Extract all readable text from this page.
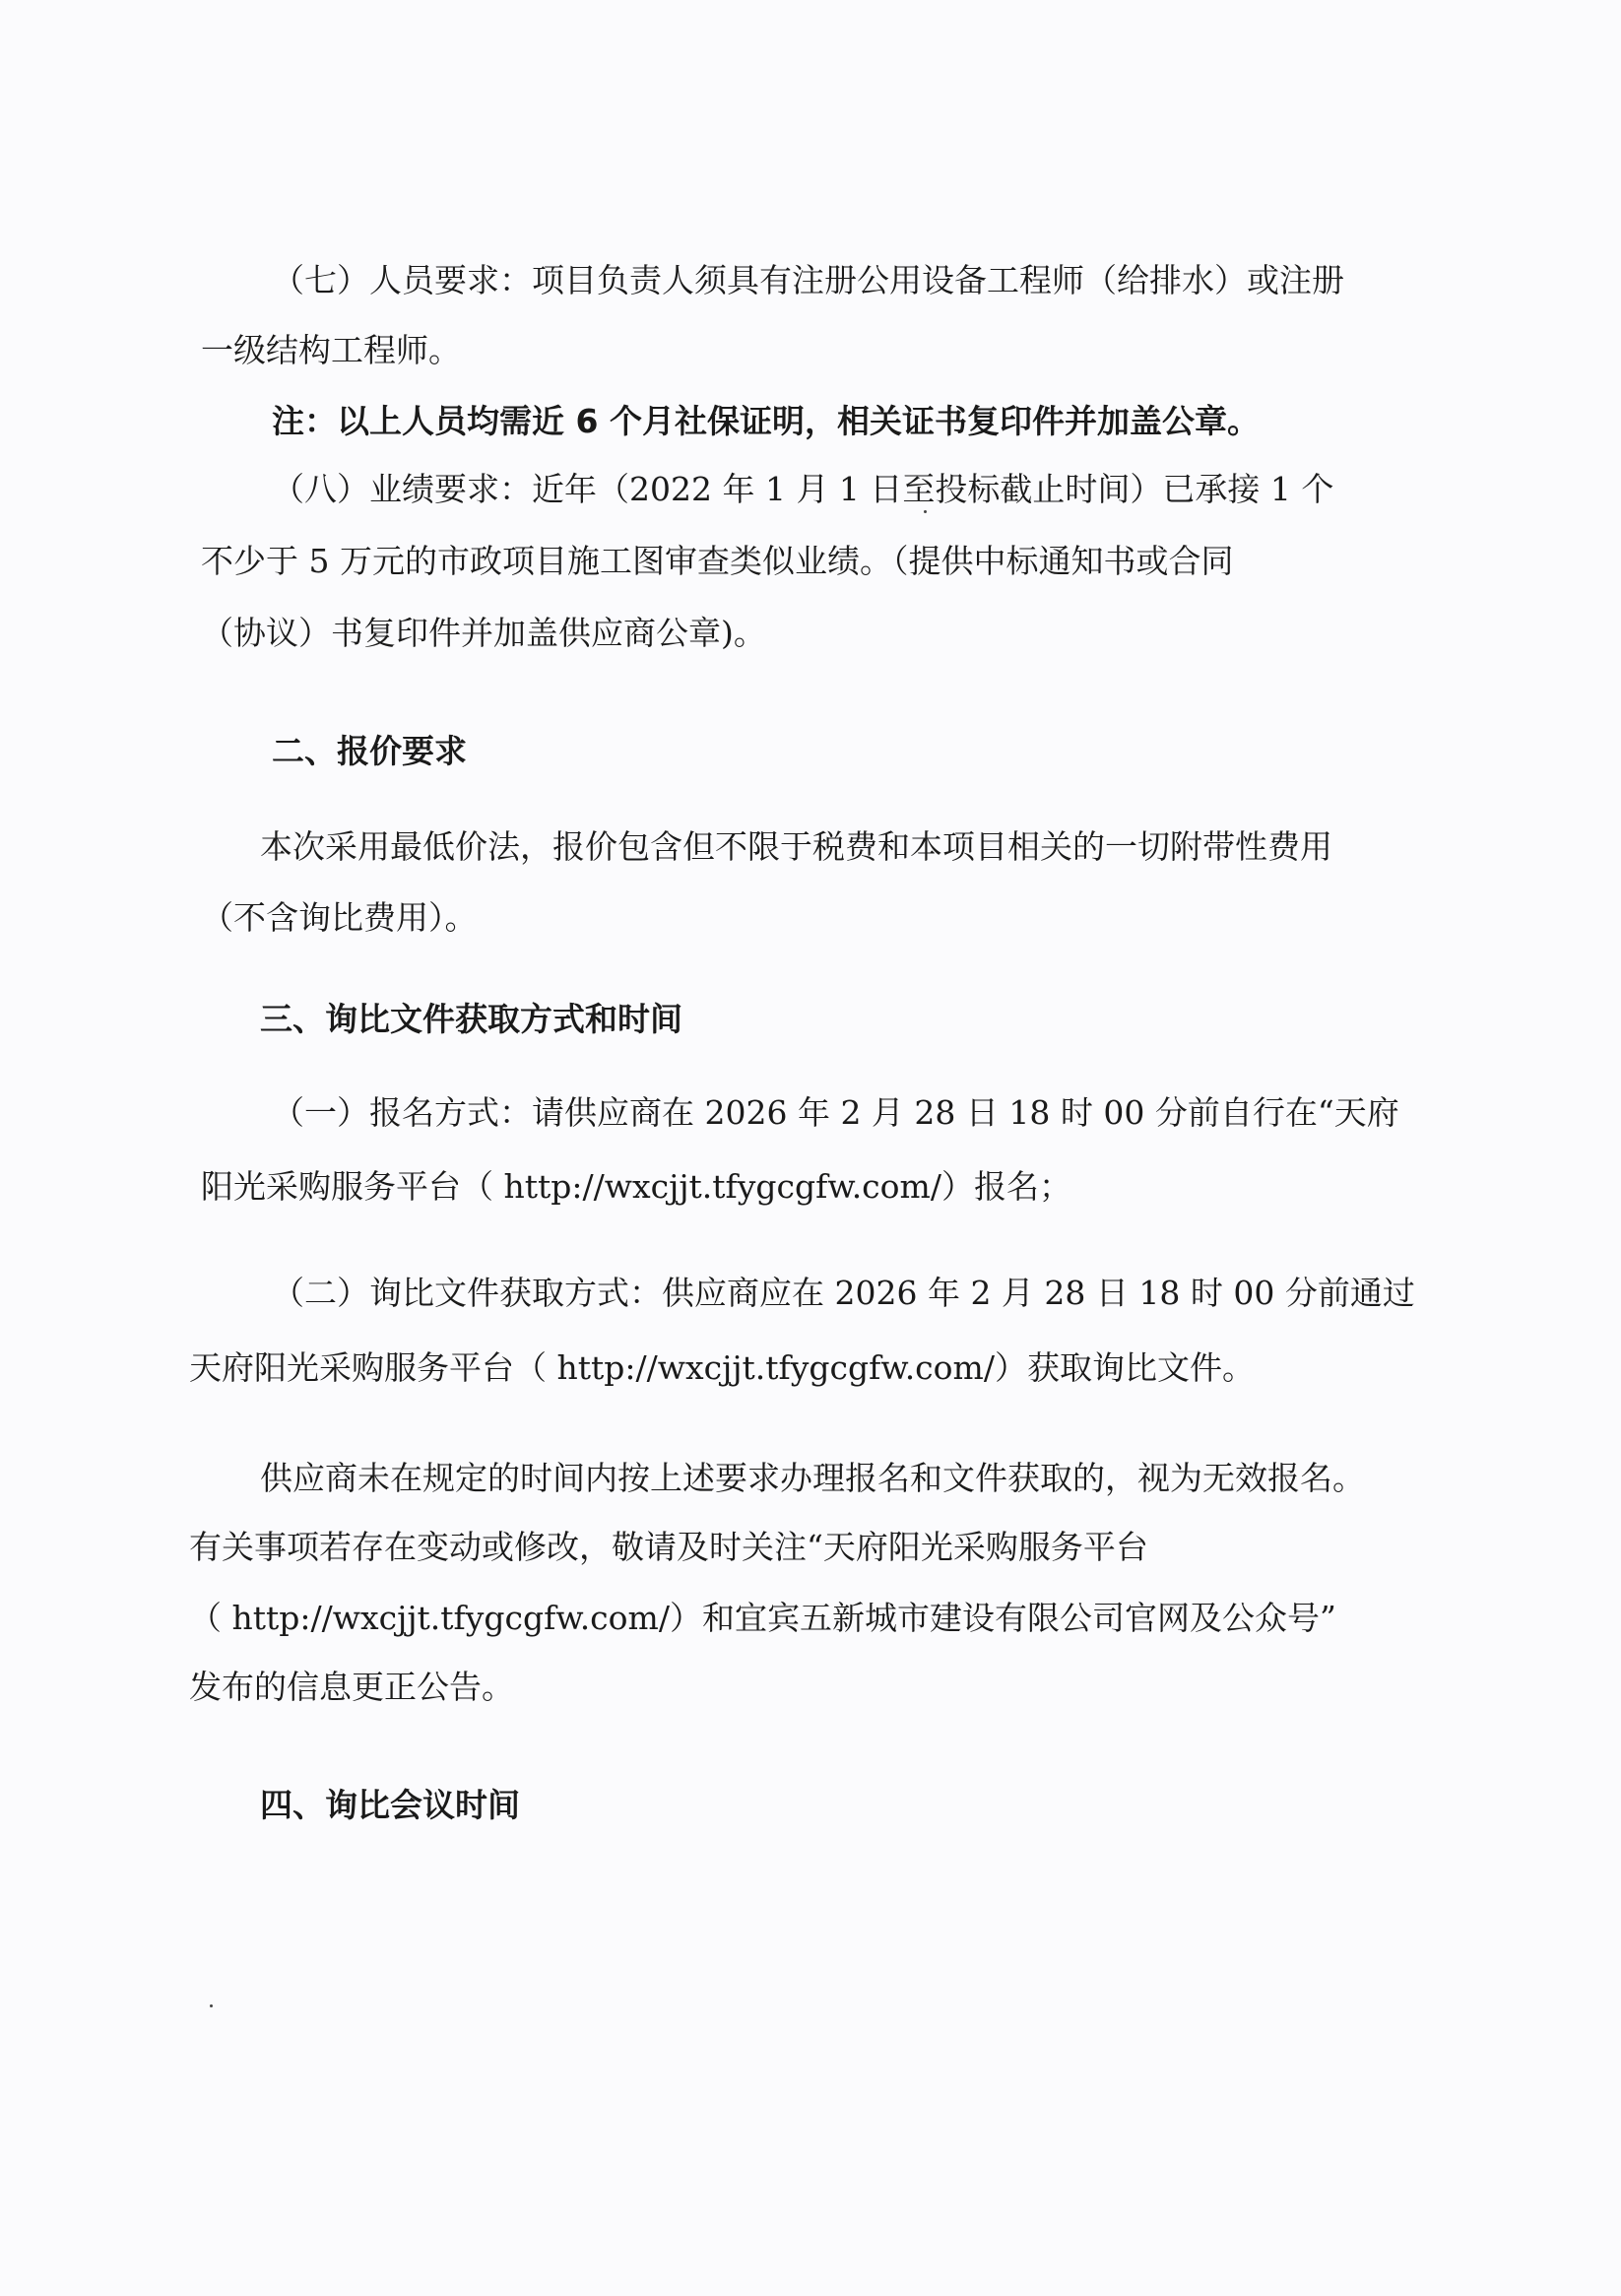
（七）人员要求：项目负责人须具有注册公用设备工程师（给排水）或注册
一级结构工程师。
注：以上人员均需近 6 个月社保证明，相关证书复印件并加盖公章。
（八）业绩要求：近年（2022 年 1 月 1 日至投标截止时间）已承接 1 个
不少于 5 万元的市政项目施工图审查类似业绩。（提供中标通知书或合同
（协议）书复印件并加盖供应商公章)。
二、报价要求
本次采用最低价法，报价包含但不限于税费和本项目相关的一切附带性费用
（不含询比费用）。
三、询比文件获取方式和时间
（一）报名方式：请供应商在 2026 年 2 月 28 日 18 时 00 分前自行在“天府
阳光采购服务平台（ http://wxcjjt.tfygcgfw.com/）报名；
（二）询比文件获取方式：供应商应在 2026 年 2 月 28 日 18 时 00 分前通过
天府阳光采购服务平台（ http://wxcjjt.tfygcgfw.com/）获取询比文件。
供应商未在规定的时间内按上述要求办理报名和文件获取的，视为无效报名。
有关事项若存在变动或修改，敬请及时关注“天府阳光采购服务平台
（ http://wxcjjt.tfygcgfw.com/）和宜宾五新城市建设有限公司官网及公众号”
发布的信息更正公告。
四、询比会议时间
